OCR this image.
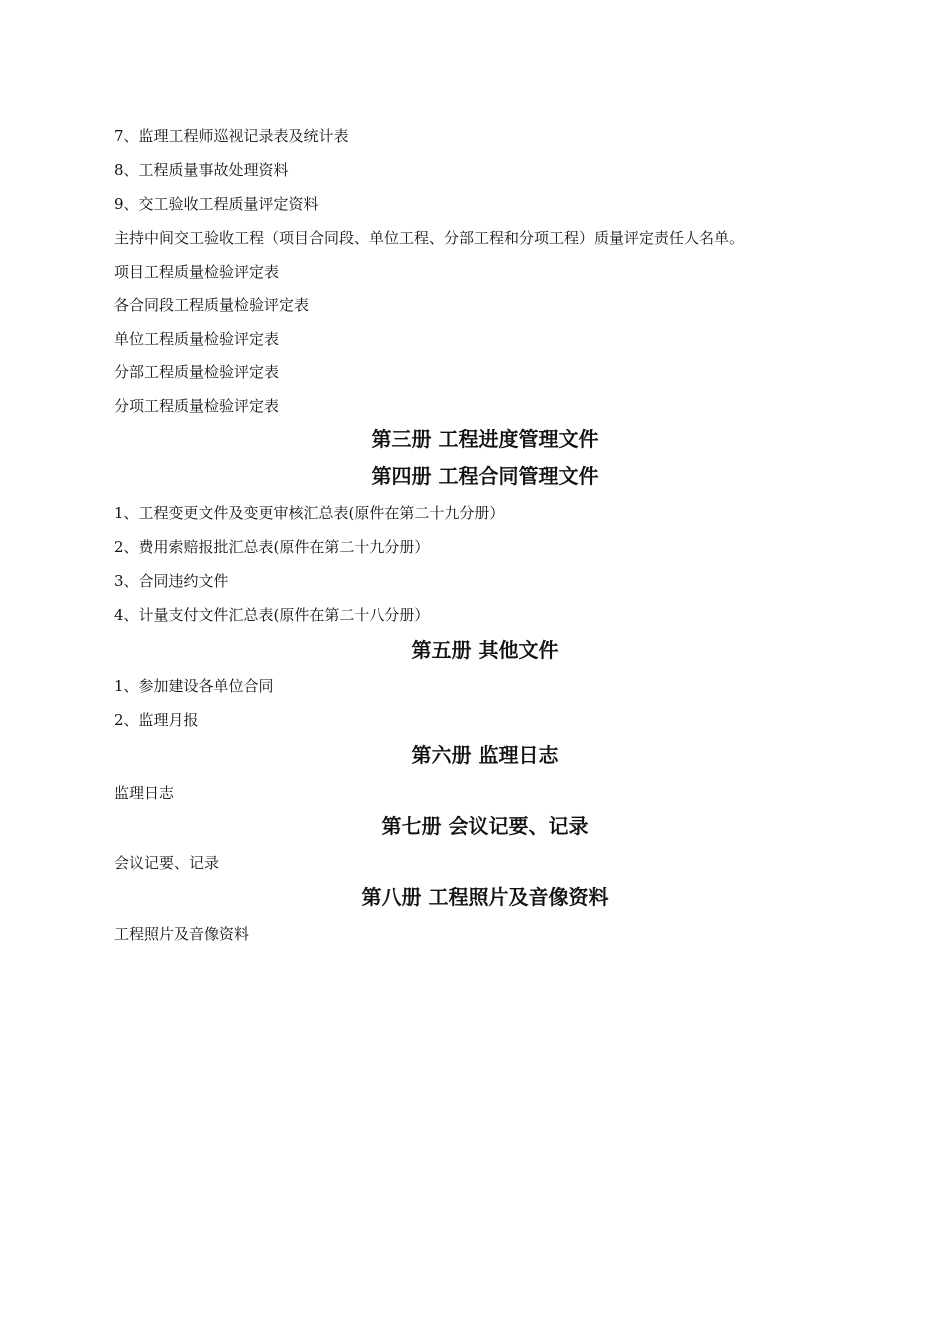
7、监理工程师巡视记录表及统计表
8、工程质量事故处理资料
9、交工验收工程质量评定资料
主持中间交工验收工程（项目合同段、单位工程、分部工程和分项工程）质量评定责任人名单。
项目工程质量检验评定表
各合同段工程质量检验评定表
单位工程质量检验评定表
分部工程质量检验评定表
分项工程质量检验评定表
第三册 工程进度管理文件
第四册 工程合同管理文件
1、工程变更文件及变更审核汇总表(原件在第二十九分册）
2、费用索赔报批汇总表(原件在第二十九分册）
3、合同违约文件
4、计量支付文件汇总表(原件在第二十八分册）
第五册 其他文件
1、参加建设各单位合同
2、监理月报
第六册 监理日志
监理日志
第七册 会议记要、记录
会议记要、记录
第八册 工程照片及音像资料
工程照片及音像资料
